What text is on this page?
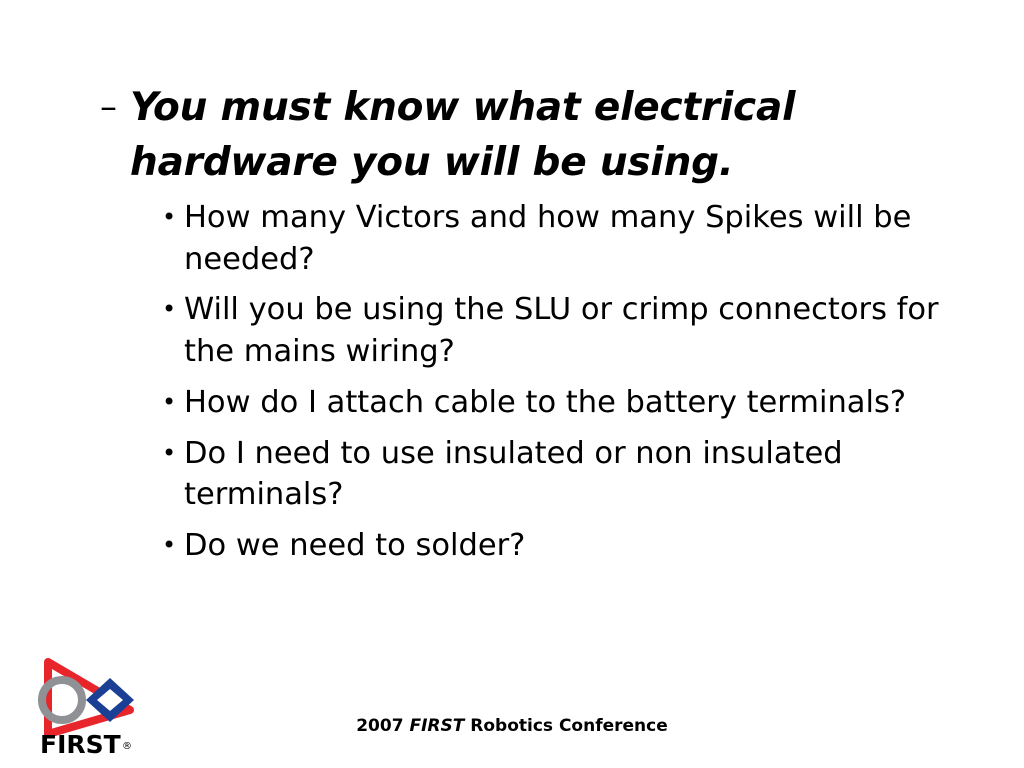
– You must know what electrical hardware you will be using.
• How many Victors and how many Spikes will be needed?
• Will you be using the SLU or crimp connectors for the mains wiring?
• How do I attach cable to the battery terminals?
• Do I need to use insulated or non insulated terminals?
• Do we need to solder?
2007 FIRST Robotics Conference
FIRST ®
